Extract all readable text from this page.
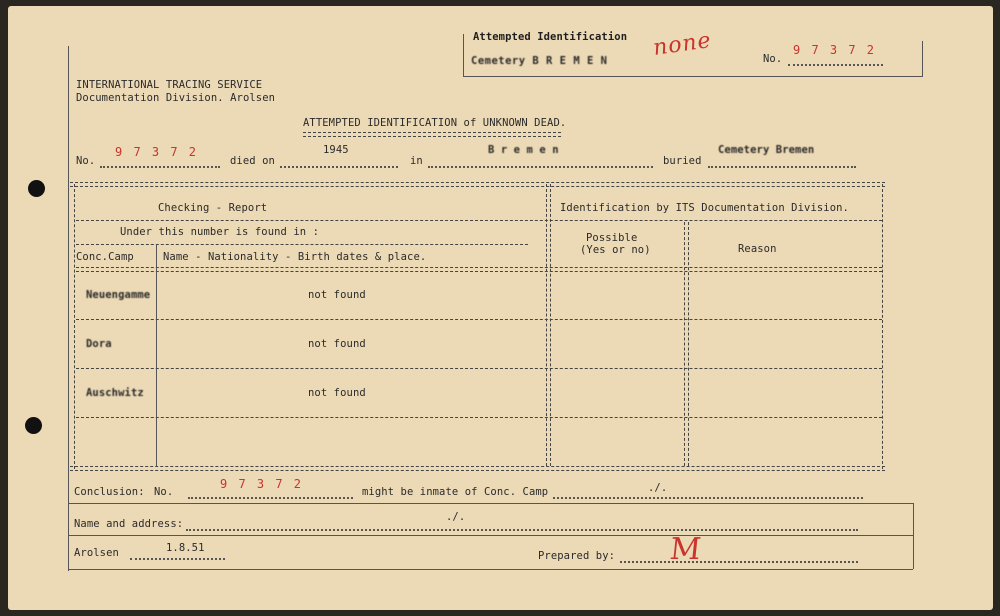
Attempted Identification
Cemetery B R E M E N
none	No.
9 7 3 7 2
INTERNATIONAL TRACING SERVICE
Documentation Division. Arolsen
ATTEMPTED IDENTIFICATION of UNKNOWN DEAD.
No.
9 7 3 7 2
died on
1945
in
B r e m e n
buried
Cemetery Bremen
Checking - Report	Identification by ITS Documentation Division.
Under this number is found in :
Conc.Camp	Name - Nationality - Birth dates & place.
Possible
(Yes or no)	Reason
Neuengamme	not found
Dora	not found
Auschwitz	not found
Conclusion: No.
9 7 3 7 2
might be inmate of Conc. Camp	./.
Name and address:
./.
Arolsen	1.8.51
Prepared by: M
